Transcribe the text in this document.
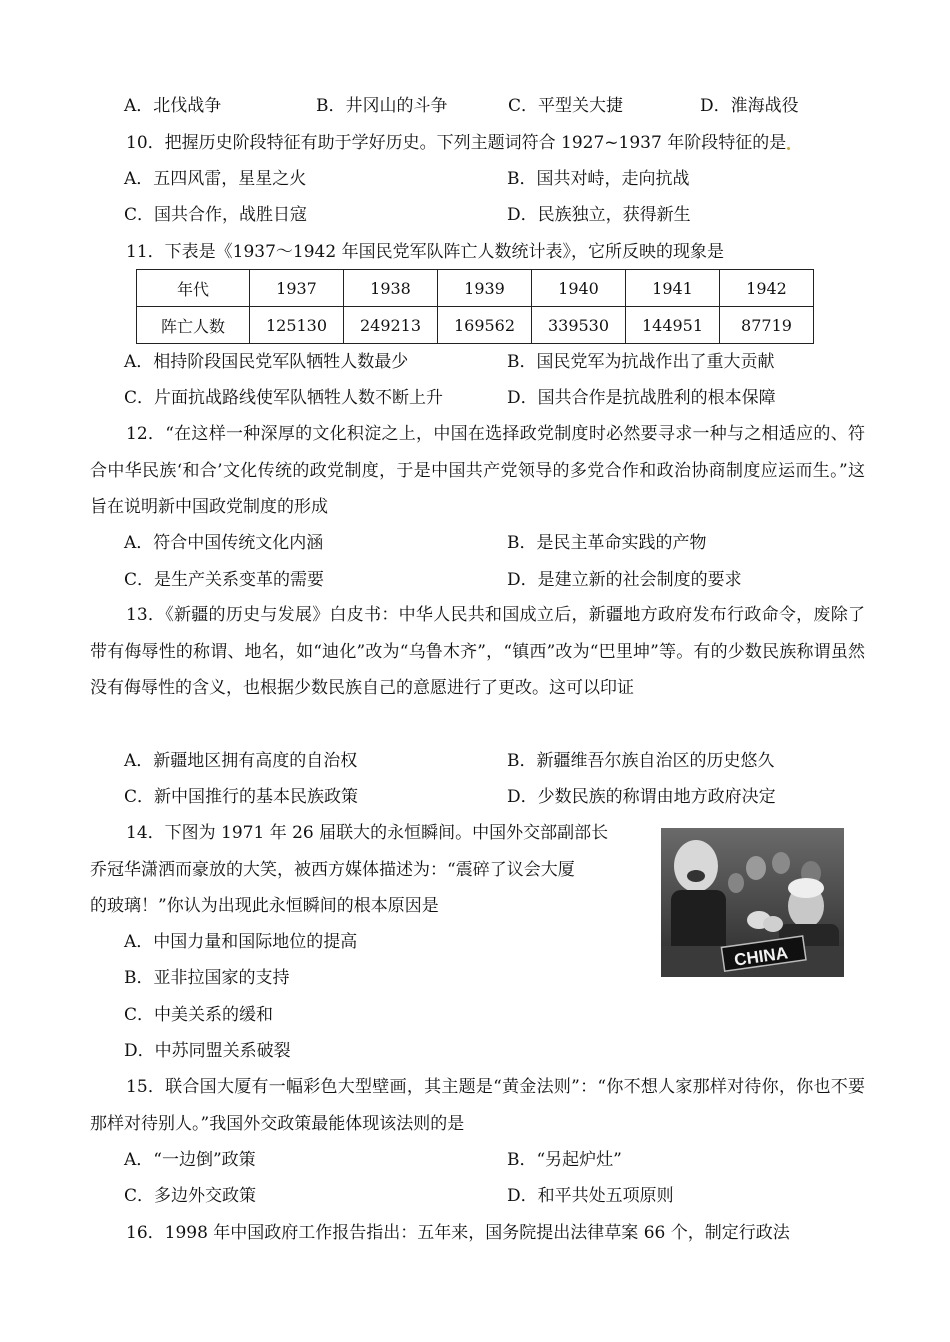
A．北伐战争	B．井冈山的斗争	C．平型关大捷	D．淮海战役
10．把握历史阶段特征有助于学好历史。下列主题词符合 1927~1937 年阶段特征的是
A．五四风雷，星星之火	B．国共对峙，走向抗战
C．国共合作，战胜日寇	D．民族独立，获得新生
11．下表是《1937～1942 年国民党军队阵亡人数统计表》，它所反映的现象是
年代	1937	1938	1939	1940	1941	1942
阵亡人数	125130	249213	169562	339530	144951	87719
A．相持阶段国民党军队牺牲人数最少	B．国民党军为抗战作出了重大贡献
C．片面抗战路线使军队牺牲人数不断上升	D．国共合作是抗战胜利的根本保障
12．“在这样一种深厚的文化积淀之上，中国在选择政党制度时必然要寻求一种与之相适应的、符合中华民族‘和合’文化传统的政党制度，于是中国共产党领导的多党合作和政治协商制度应运而生。”这旨在说明新中国政党制度的形成
A．符合中国传统文化内涵	B．是民主革命实践的产物
C．是生产关系变革的需要	D．是建立新的社会制度的要求
13．《新疆的历史与发展》白皮书：中华人民共和国成立后，新疆地方政府发布行政命令，废除了带有侮辱性的称谓、地名，如“迪化”改为“乌鲁木齐”，“镇西”改为“巴里坤”等。有的少数民族称谓虽然没有侮辱性的含义，也根据少数民族自己的意愿进行了更改。这可以印证
A．新疆地区拥有高度的自治权	B．新疆维吾尔族自治区的历史悠久
C．新中国推行的基本民族政策	D．少数民族的称谓由地方政府决定
14．下图为 1971 年 26 届联大的永恒瞬间。中国外交部副部长
乔冠华潇洒而豪放的大笑，被西方媒体描述为：“震碎了议会大厦
的玻璃！”你认为出现此永恒瞬间的根本原因是
A．中国力量和国际地位的提高
B．亚非拉国家的支持
C．中美关系的缓和
D．中苏同盟关系破裂
CHINA
15．联合国大厦有一幅彩色大型壁画，其主题是“黄金法则”：“你不想人家那样对待你，你也不要那样对待别人。”我国外交政策最能体现该法则的是
A．“一边倒”政策	B．“另起炉灶”
C．多边外交政策	D．和平共处五项原则
16．1998 年中国政府工作报告指出：五年来，国务院提出法律草案 66 个，制定行政法
